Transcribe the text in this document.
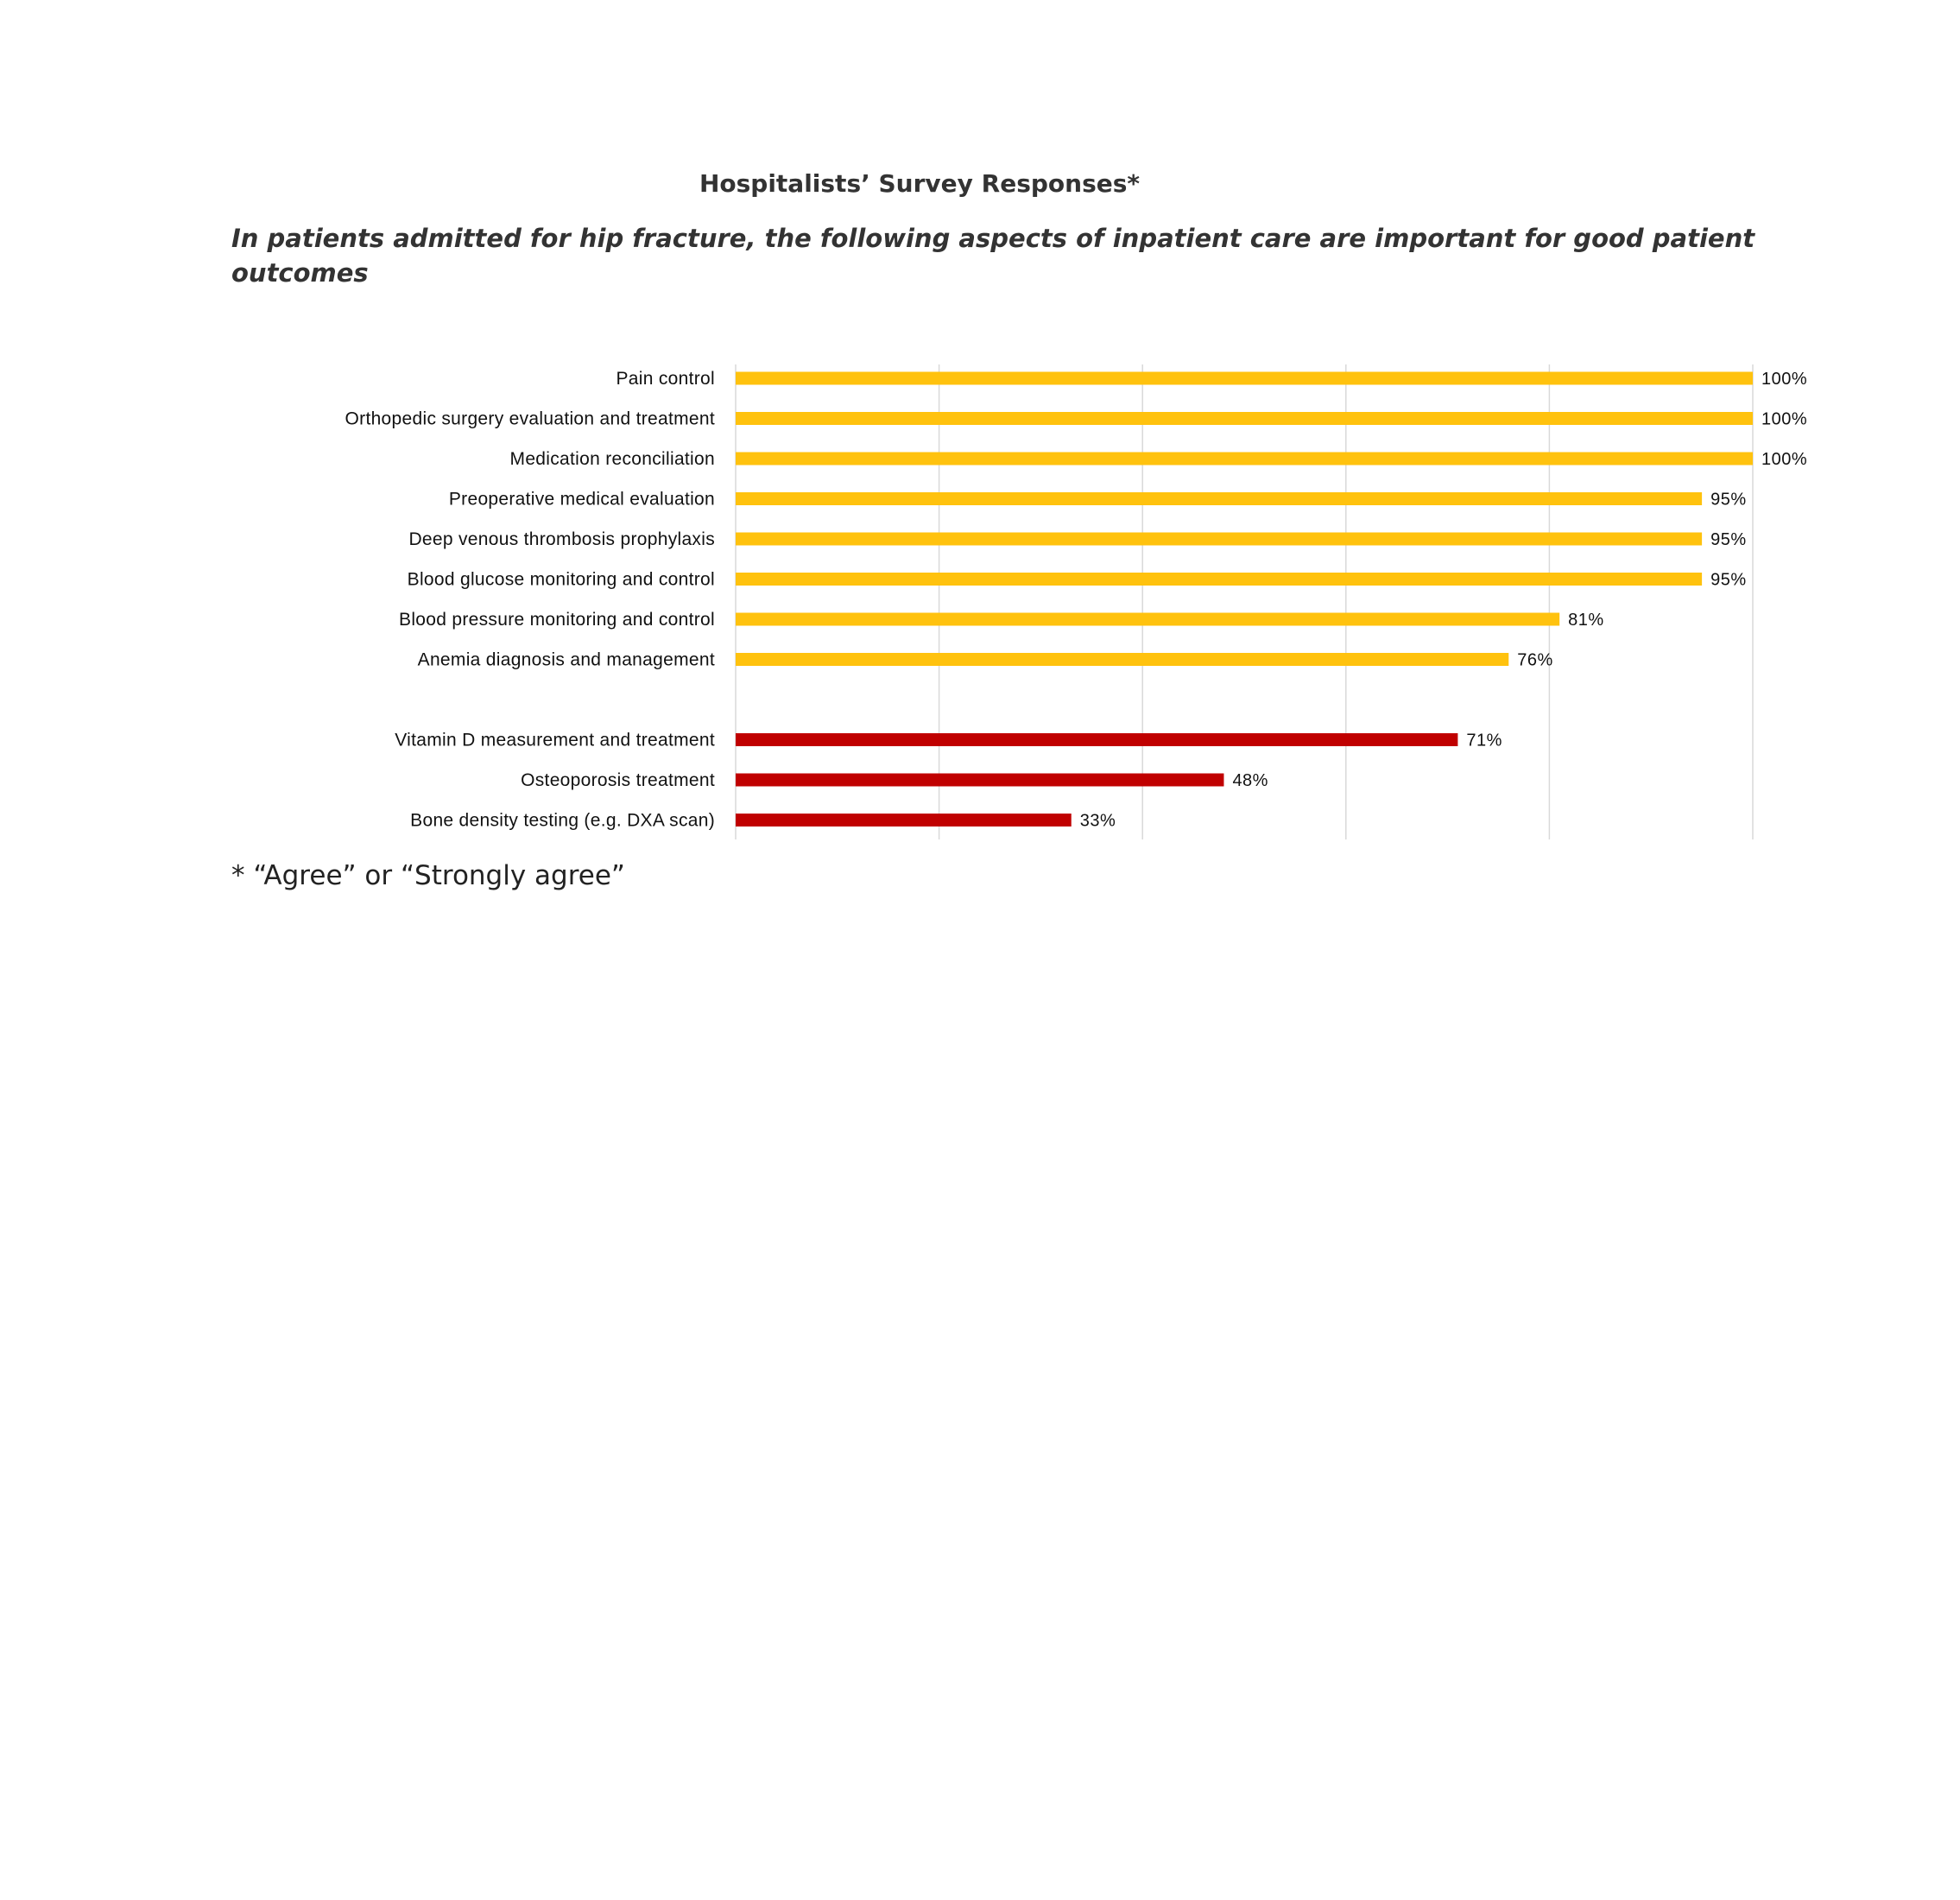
Hospitalists’ Survey Responses*

In patients admitted for hip fracture, the following aspects of inpatient care are important for good patient outcomes

Pain control
Orthopedic surgery evaluation and treatment
Medication reconciliation
Preoperative medical evaluation
Deep venous thrombosis prophylaxis
Blood glucose monitoring and control
Blood pressure monitoring and control
Anemia diagnosis and management
Vitamin D measurement and treatment
Osteoporosis treatment
Bone density testing (e.g. DXA scan)
100%
100%
100%
95%
95%
95%
81%
76%
71%
48%
33%

* “Agree” or “Strongly agree”
